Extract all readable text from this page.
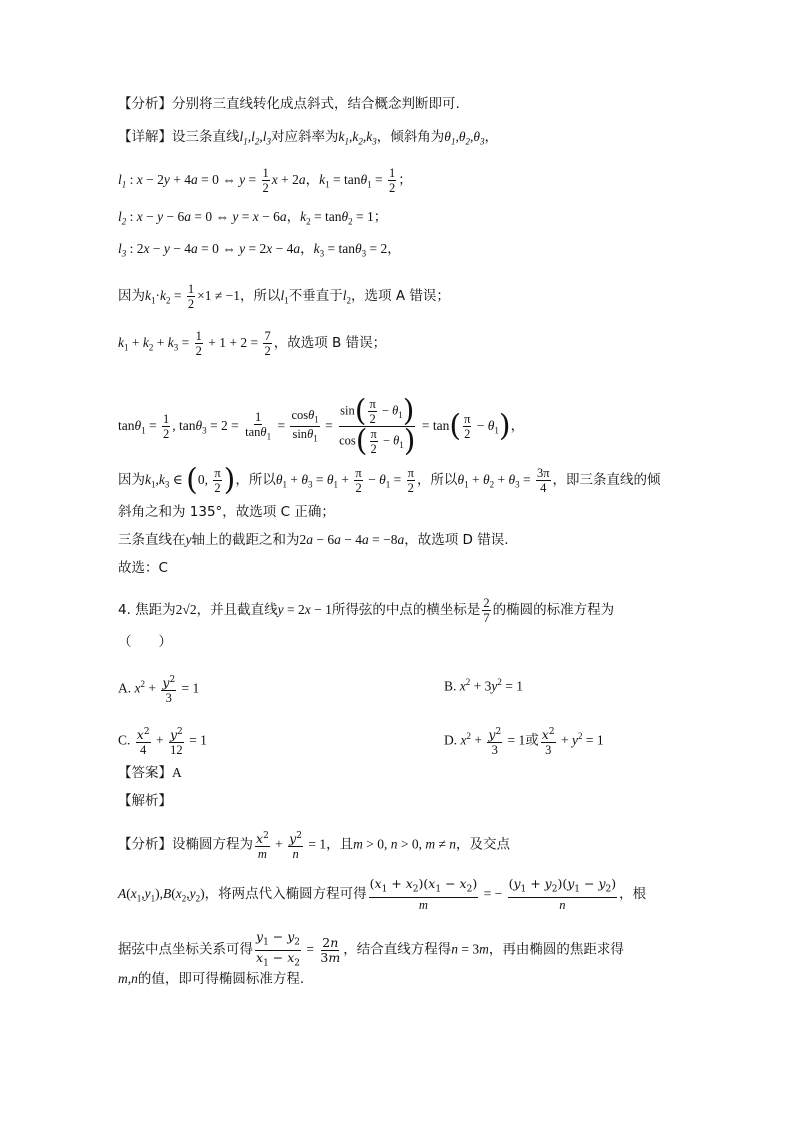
【分析】分别将三直线转化成点斜式，结合概念判断即可.
【详解】设三条直线$l_1,l_2,l_3$对应斜率为$k_1,k_2,k_3$，倾斜角为$\theta_1,\theta_2,\theta_3$，
$l_1$ : x − 2y + 4a = 0 ⇔ $y = \frac{1}{2}$ x + 2a，$k_1 = \tan\theta_1 = \frac{1}{2}$ ；
$l_2$ : x − y − 6a = 0 ⇔ y = x − 6a，$k_2 = \tan\theta_2 = 1$；
$l_3$ : 2x − y − 4a = 0 ⇔ y = 2x − 4a，$k_3 = \tan\theta_3 = 2$，
因为$k_1\cdot k_2 = \frac{1}{2} \times 1 \ne -1$，所以$l_1$不垂直于$l_2$，选项 A 错误；
$k_1 + k_2 + k_3 = \frac{1}{2} + 1 + 2 = \frac{7}{2}$ ，故选项 B 错误；
$\tan\theta_1 = \frac{1}{2}$ , $\tan\theta_3 = 2 = \frac{1}{\tan\theta_1} = \frac{\cos\theta_1}{\sin\theta_1} = \frac{\sin( \frac{\pi}{2} - \theta_1)}{\cos( \frac{\pi}{2} - \theta_1)} = \tan( \frac{\pi}{2} - \theta_1)$，
因为$k_1,k_3$ ∈ (0, $\frac{\pi}{2}$ )，所以$\theta_1 + \theta_3 = \theta_1 + \frac{\pi}{2} - \theta_1 = \frac{\pi}{2}$ ，所以$\theta_1 + \theta_2 + \theta_3 = \frac{3\pi}{4}$ ，即三条直线的倾
斜角之和为 135°，故选项 C 正确；
三条直线在y轴上的截距之和为2a − 6a − 4a = −8a，故选项 D 错误.
故选：C
4. 焦距为2√2，并且截直线y = 2x − 1所得弦的中点的横坐标是 $\frac{2}{7}$ 的椭圆的标准方程为
（　　）
A. $x^2 + \frac{y^2}{3} = 1$	B. $x^2 + 3y^2 = 1$
C. $\frac{x^2}{4} + \frac{y^2}{12} = 1$	D. $x^2 + \frac{y^2}{3} = 1$或 $\frac{x^2}{3} + y^2 = 1$
【答案】A
【解析】
【分析】设椭圆方程为 $\frac{x^2}{m} + \frac{y^2}{n} = 1$，且m > 0, n > 0, m ≠ n，及交点
$A(x_1,y_1),B(x_2,y_2)$，将两点代入椭圆方程可得 $\frac{(x_1 + x_2)(x_1 - x_2)}{m}$ = − $\frac{(y_1 + y_2)(y_1 - y_2)}{n}$ ，根
据弦中点坐标关系可得 $\frac{y_1 - y_2}{x_1 - x_2} = \frac{2n}{3m}$ ，结合直线方程得n = 3m，再由椭圆的焦距求得
m,n的值，即可得椭圆标准方程.
